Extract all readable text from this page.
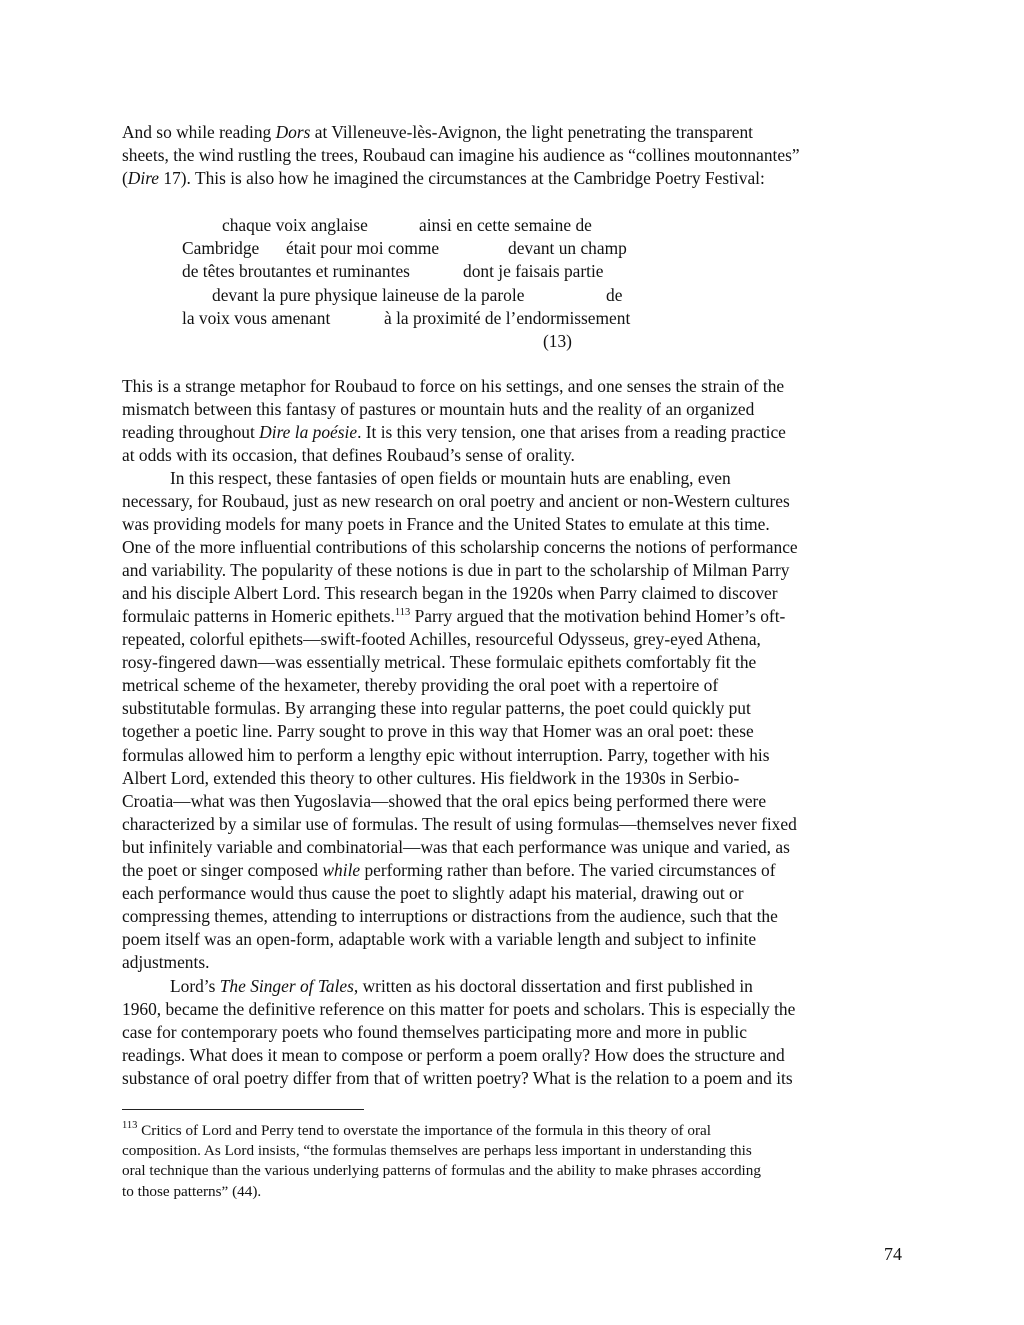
And so while reading Dors at Villeneuve-lès-Avignon, the light penetrating the transparent
sheets, the wind rustling the trees, Roubaud can imagine his audience as “collines moutonnantes”
(Dire 17). This is also how he imagined the circumstances at the Cambridge Poetry Festival:
chaque voix anglaise	ainsi en cette semaine de
Cambridge était pour moi comme	devant un champ
de têtes broutantes et ruminantes	dont je faisais partie
devant la pure physique laineuse de la parole	de
la voix vous amenant	à la proximité de l’endormissement
(13)
This is a strange metaphor for Roubaud to force on his settings, and one senses the strain of the
mismatch between this fantasy of pastures or mountain huts and the reality of an organized
reading throughout Dire la poésie. It is this very tension, one that arises from a reading practice
at odds with its occasion, that defines Roubaud’s sense of orality.
In this respect, these fantasies of open fields or mountain huts are enabling, even
necessary, for Roubaud, just as new research on oral poetry and ancient or non-Western cultures
was providing models for many poets in France and the United States to emulate at this time.
One of the more influential contributions of this scholarship concerns the notions of performance
and variability. The popularity of these notions is due in part to the scholarship of Milman Parry
and his disciple Albert Lord. This research began in the 1920s when Parry claimed to discover
formulaic patterns in Homeric epithets.$^{113}$ Parry argued that the motivation behind Homer’s oft-
repeated, colorful epithets—swift-footed Achilles, resourceful Odysseus, grey-eyed Athena,
rosy-fingered dawn—was essentially metrical. These formulaic epithets comfortably fit the
metrical scheme of the hexameter, thereby providing the oral poet with a repertoire of
substitutable formulas. By arranging these into regular patterns, the poet could quickly put
together a poetic line. Parry sought to prove in this way that Homer was an oral poet: these
formulas allowed him to perform a lengthy epic without interruption. Parry, together with his
Albert Lord, extended this theory to other cultures. His fieldwork in the 1930s in Serbio-
Croatia—what was then Yugoslavia—showed that the oral epics being performed there were
characterized by a similar use of formulas. The result of using formulas—themselves never fixed
but infinitely variable and combinatorial—was that each performance was unique and varied, as
the poet or singer composed while performing rather than before. The varied circumstances of
each performance would thus cause the poet to slightly adapt his material, drawing out or
compressing themes, attending to interruptions or distractions from the audience, such that the
poem itself was an open-form, adaptable work with a variable length and subject to infinite
adjustments.
Lord’s The Singer of Tales, written as his doctoral dissertation and first published in
1960, became the definitive reference on this matter for poets and scholars. This is especially the
case for contemporary poets who found themselves participating more and more in public
readings. What does it mean to compose or perform a poem orally? How does the structure and
substance of oral poetry differ from that of written poetry? What is the relation to a poem and its
$^{113}$ Critics of Lord and Perry tend to overstate the importance of the formula in this theory of oral
composition. As Lord insists, “the formulas themselves are perhaps less important in understanding this
oral technique than the various underlying patterns of formulas and the ability to make phrases according
to those patterns” (44).
74
